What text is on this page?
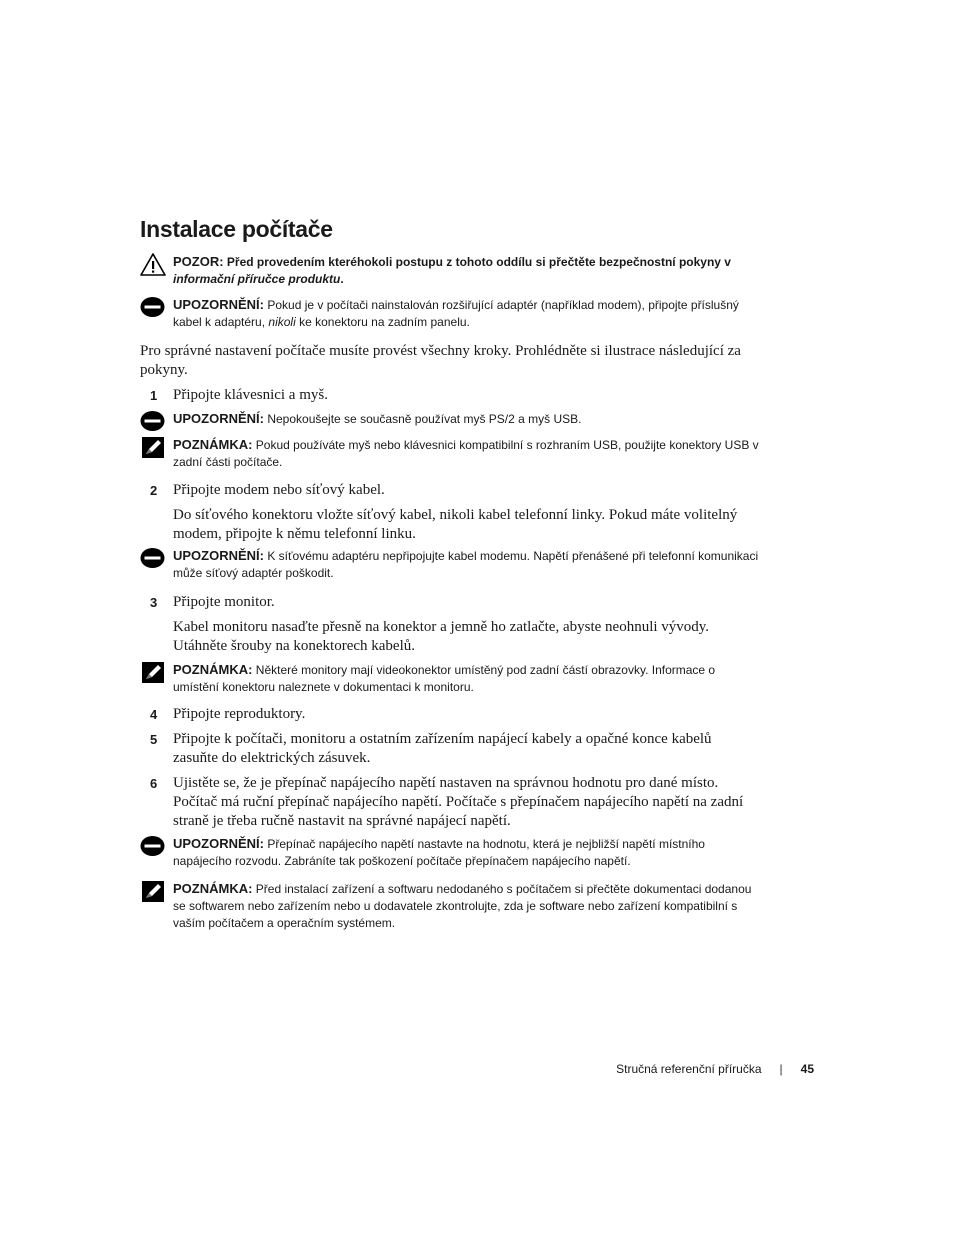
Instalace počítače
POZOR: Před provedením kteréhokoli postupu z tohoto oddílu si přečtěte bezpečnostní pokyny v informační příručce produktu.
UPOZORNĚNÍ: Pokud je v počítači nainstalován rozšiřující adaptér (například modem), připojte příslušný kabel k adaptéru, nikoli ke konektoru na zadním panelu.

Pro správné nastavení počítače musíte provést všechny kroky. Prohlédněte si ilustrace následující za pokyny.

1 Připojte klávesnici a myš.
UPOZORNĚNÍ: Nepokoušejte se současně používat myš PS/2 a myš USB.
POZNÁMKA: Pokud používáte myš nebo klávesnici kompatibilní s rozhraním USB, použijte konektory USB v zadní části počítače.
2 Připojte modem nebo síťový kabel.

Do síťového konektoru vložte síťový kabel, nikoli kabel telefonní linky. Pokud máte volitelný modem, připojte k němu telefonní linku.

UPOZORNĚNÍ: K síťovému adaptéru nepřipojujte kabel modemu. Napětí přenášené při telefonní komunikaci může síťový adaptér poškodit.
3 Připojte monitor.

Kabel monitoru nasaďte přesně na konektor a jemně ho zatlačte, abyste neohnuli vývody. Utáhněte šrouby na konektorech kabelů.

POZNÁMKA: Některé monitory mají videokonektor umístěný pod zadní částí obrazovky. Informace o umístění konektoru naleznete v dokumentaci k monitoru.
4 Připojte reproduktory.
5 Připojte k počítači, monitoru a ostatním zařízením napájecí kabely a opačné konce kabelů zasuňte do elektrických zásuvek.
6 Ujistěte se, že je přepínač napájecího napětí nastaven na správnou hodnotu pro dané místo. Počítač má ruční přepínač napájecího napětí. Počítače s přepínačem napájecího napětí na zadní straně je třeba ručně nastavit na správné napájecí napětí.
UPOZORNĚNÍ: Přepínač napájecího napětí nastavte na hodnotu, která je nejbližší napětí místního napájecího rozvodu. Zabráníte tak poškození počítače přepínačem napájecího napětí.
POZNÁMKA: Před instalací zařízení a softwaru nedodaného s počítačem si přečtěte dokumentaci dodanou se softwarem nebo zařízením nebo u dodavatele zkontrolujte, zda je software nebo zařízení kompatibilní s vaším počítačem a operačním systémem.
Stručná referenční příručka | 45
